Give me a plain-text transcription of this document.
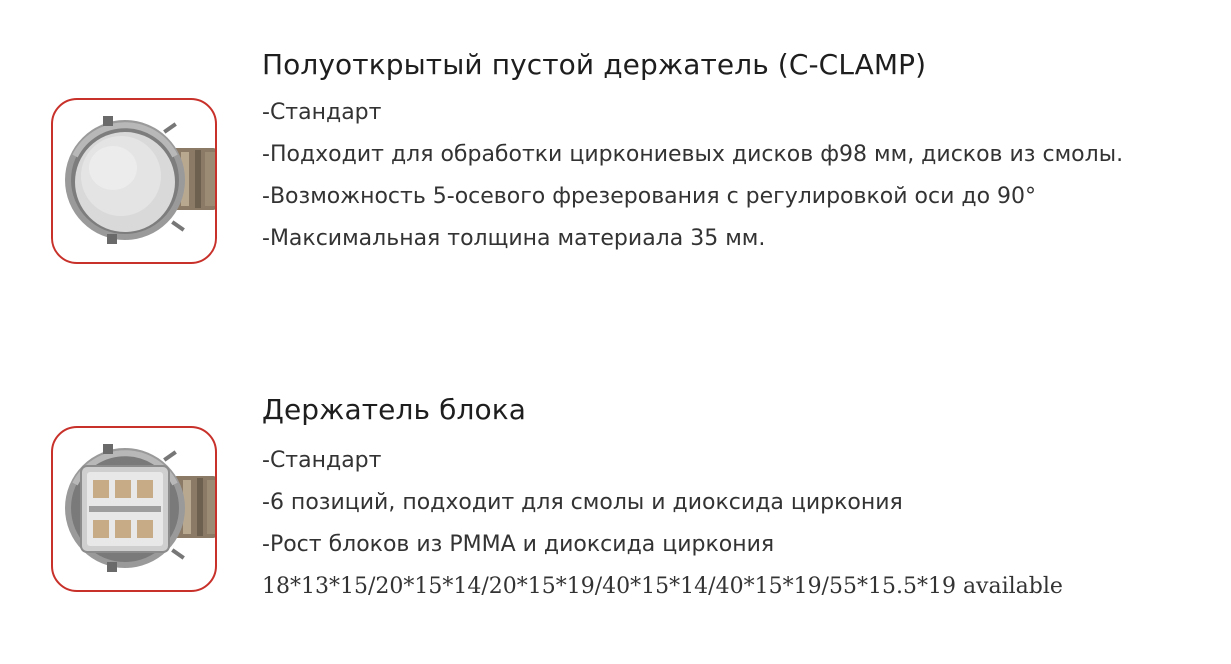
Полуоткрытый пустой держатель (C-CLAMP)
-Стандарт
-Подходит для обработки циркониевых дисков ф98 мм, дисков из смолы.
-Возможность 5-осевого фрезерования с регулировкой оси до 90°
-Максимальная толщина материала 35 мм.
Держатель блока
-Стандарт
-6 позиций, подходит для смолы и диоксида циркония
-Рост блоков из PMMA и диоксида циркония
18*13*15/20*15*14/20*15*19/40*15*14/40*15*19/55*15.5*19 available
